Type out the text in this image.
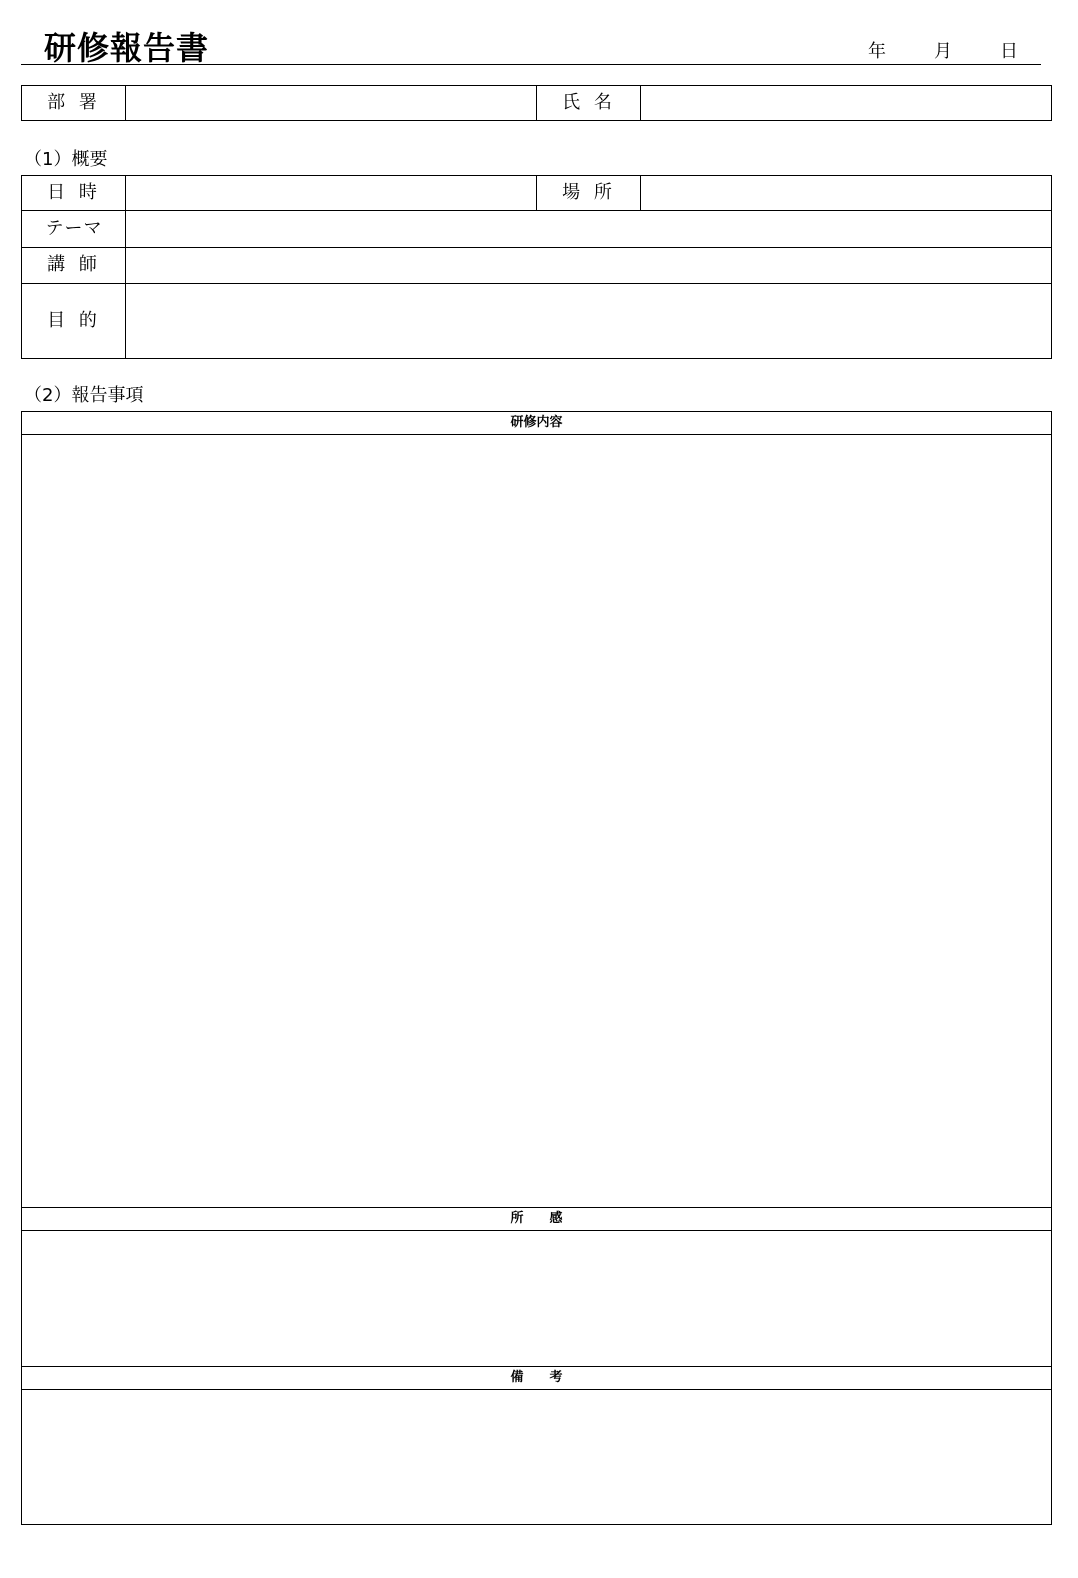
研修報告書	年	月	日
部 署	氏 名
（1）概要
日 時	場 所
テーマ
講 師
目 的
（2）報告事項
研修内容
所　　感
備　　考
